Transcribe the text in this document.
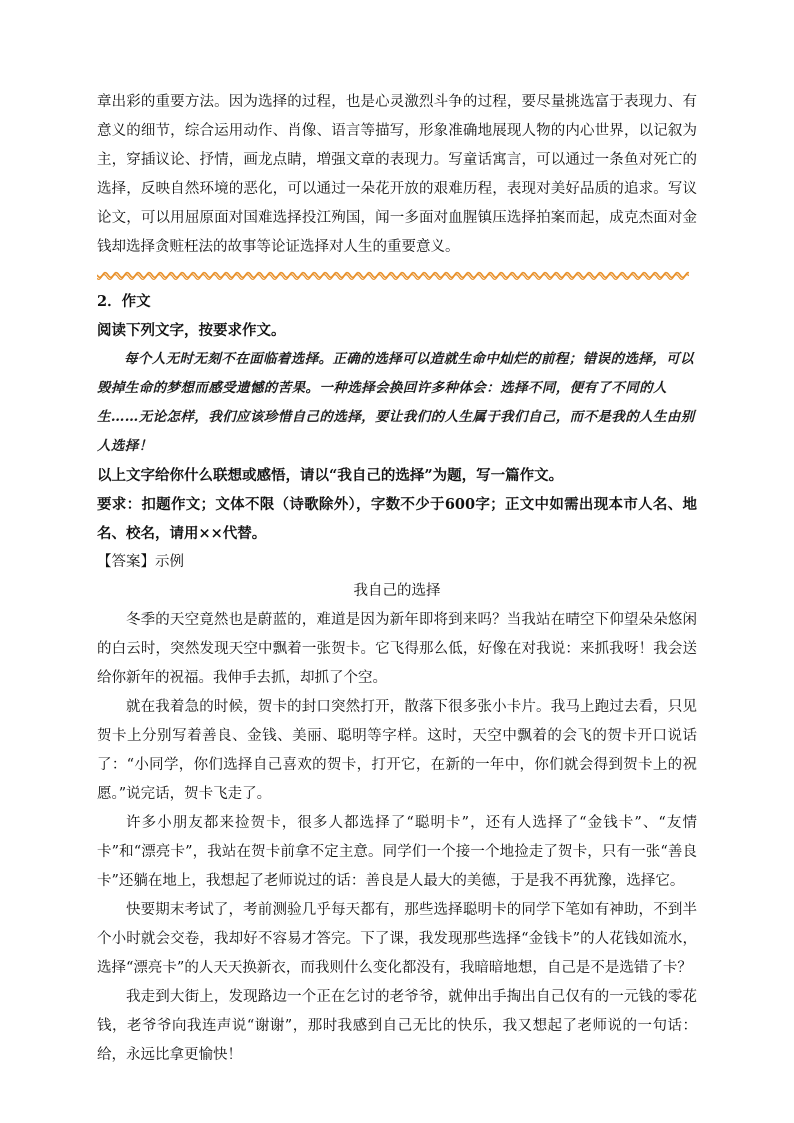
章出彩的重要方法。因为选择的过程，也是心灵激烈斗争的过程，要尽量挑选富于表现力、有意义的细节，综合运用动作、肖像、语言等描写，形象准确地展现人物的内心世界，以记叙为主，穿插议论、抒情，画龙点睛，増强文章的表现力。写童话寓言，可以通过一条鱼对死亡的选择，反映自然环境的恶化，可以通过一朵花开放的艰难历程，表现对美好品质的追求。写议论文，可以用屈原面对国难选择投江殉国，闻一多面对血腥镇压选择拍案而起，成克杰面对金钱却选择贪赃枉法的故事等论证选择对人生的重要意义。

2．作文

阅读下列文字，按要求作文。

每个人无时无刻不在面临着选择。正确的选择可以造就生命中灿烂的前程；错误的选择，可以毁掉生命的梦想而感受遗憾的苦果。一种选择会换回许多种体会：选择不同，便有了不同的人生……无论怎样，我们应该珍惜自己的选择，要让我们的人生属于我们自己，而不是我的人生由别人选择！

以上文字给你什么联想或感悟，请以“我自己的选择”为题，写一篇作文。

要求：扣题作文；文体不限（诗歌除外），字数不少于600字；正文中如需出现本市人名、地名、校名，请用××代替。

【答案】示例

我自己的选择

冬季的天空竟然也是蔚蓝的，难道是因为新年即将到来吗？当我站在晴空下仰望朵朵悠闲的白云时，突然发现天空中飘着一张贺卡。它飞得那么低，好像在对我说：来抓我呀！我会送给你新年的祝福。我伸手去抓，却抓了个空。

就在我着急的时候，贺卡的封口突然打开，散落下很多张小卡片。我马上跑过去看，只见贺卡上分别写着善良、金钱、美丽、聪明等字样。这时，天空中飘着的会飞的贺卡开口说话了：“小同学，你们选择自己喜欢的贺卡，打开它，在新的一年中，你们就会得到贺卡上的祝愿。”说完话，贺卡飞走了。

许多小朋友都来捡贺卡，很多人都选择了“聪明卡”，还有人选择了“金钱卡”、“友情卡”和“漂亮卡”，我站在贺卡前拿不定主意。同学们一个接一个地捡走了贺卡，只有一张“善良卡”还躺在地上，我想起了老师说过的话：善良是人最大的美德，于是我不再犹豫，选择它。

快要期末考试了，考前测验几乎每天都有，那些选择聪明卡的同学下笔如有神助，不到半个小时就会交卷，我却好不容易才答完。下了课，我发现那些选择“金钱卡”的人花钱如流水，选择“漂亮卡”的人天天换新衣，而我则什么变化都没有，我暗暗地想，自己是不是选错了卡？

我走到大街上，发现路边一个正在乞讨的老爷爷，就伸出手掏出自己仅有的一元钱的零花钱，老爷爷向我连声说“谢谢”，那时我感到自己无比的快乐，我又想起了老师说的一句话：给，永远比拿更愉快！
